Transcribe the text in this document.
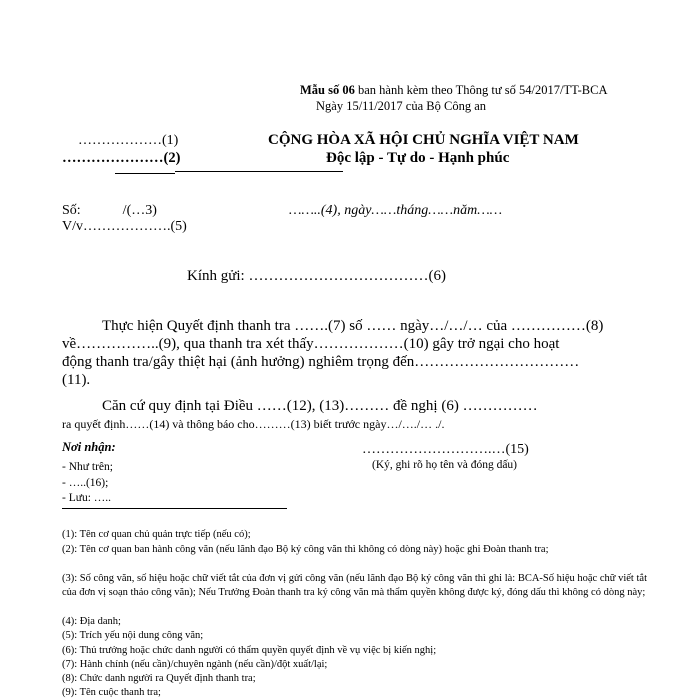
Mẫu số 06 ban hành kèm theo Thông tư số 54/2017/TT-BCA
Ngày 15/11/2017 của Bộ Công an
………………(1)
…………………(2)
CỘNG HÒA XÃ HỘI CHỦ NGHĨA VIỆT NAM
Độc lập - Tự do - Hạnh phúc
Số:            /(…3)	……..(4), ngày……tháng……năm……
V/v……………….(5)
Kính gửi: ………………………………(6)
Thực hiện Quyết định thanh tra …….(7) số …… ngày…/…/… của ……………(8)
về……………..(9), qua thanh tra xét thấy………………(10) gây trở ngại cho hoạt
động thanh tra/gây thiệt hại (ảnh hưởng) nghiêm trọng đến……………………………
(11).
Căn cứ quy định tại Điều ……(12), (13)……… đề nghị (6) ……………
ra quyết định……(14) và thông báo cho………(13) biết trước ngày…/…./… ./.
Nơi nhận:
- Như trên;
- …..(16);
- Lưu: …..
……………………….…(15)
(Ký, ghi rõ họ tên và đóng dấu)
(1): Tên cơ quan chủ quản trực tiếp (nếu có);
(2): Tên cơ quan ban hành công văn (nếu lãnh đạo Bộ ký công văn thì không có dòng này) hoặc ghi Đoàn thanh tra;
(3): Số công văn, số hiệu hoặc chữ viết tắt của đơn vị gửi công văn (nếu lãnh đạo Bộ ký công văn thì ghi là: BCA-Số hiệu hoặc chữ viết tắt của đơn vị soạn thảo công văn); Nếu Trưởng Đoàn thanh tra ký công văn mà thẩm quyền không được ký, đóng dấu thì không có dòng này;
(4): Địa danh;
(5): Trích yếu nội dung công văn;
(6): Thủ trưởng hoặc chức danh người có thẩm quyền quyết định về vụ việc bị kiến nghị;
(7): Hành chính (nếu cần)/chuyên ngành (nếu cần)/đột xuất/lại;
(8): Chức danh người ra Quyết định thanh tra;
(9): Tên cuộc thanh tra;
